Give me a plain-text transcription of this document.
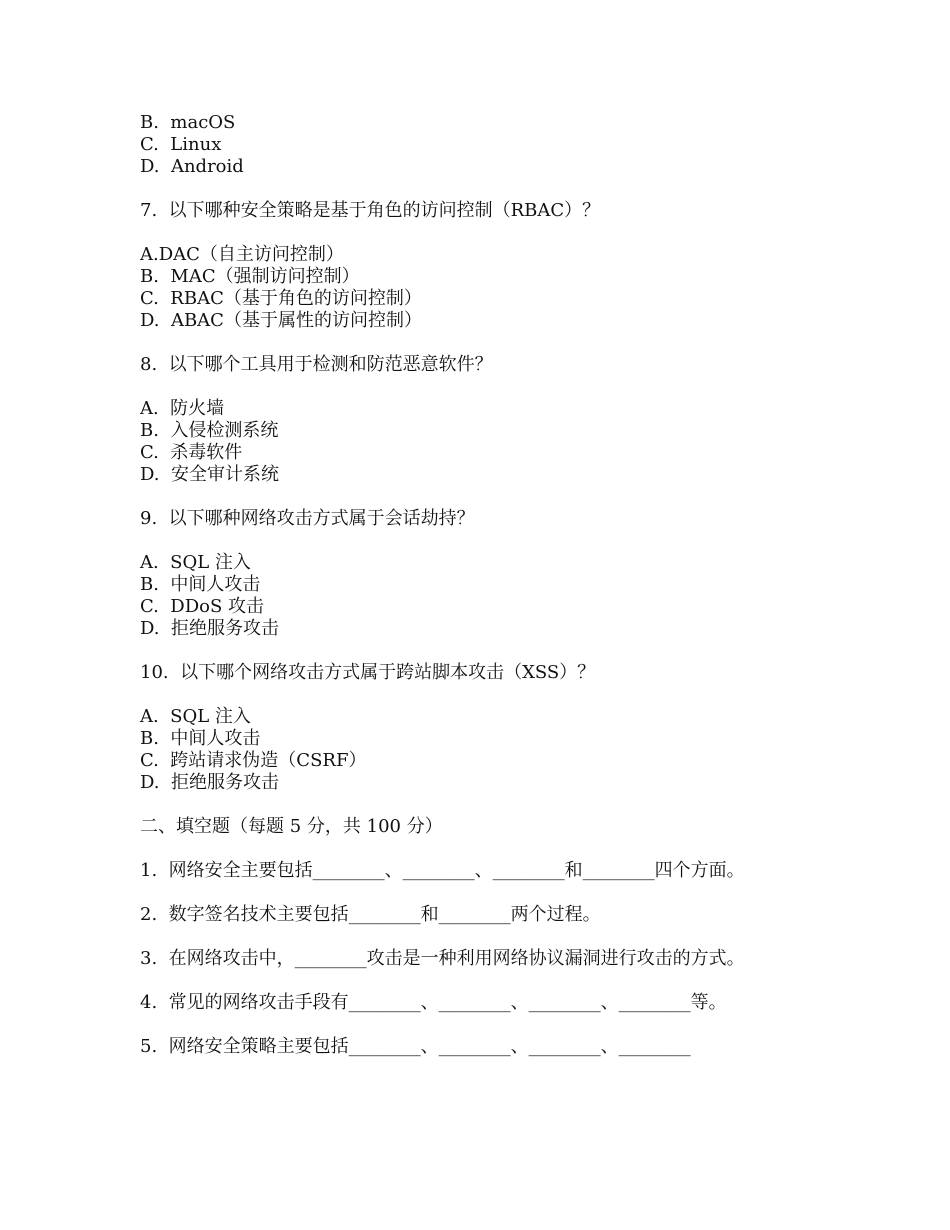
B.  macOS
C.  Linux
D.  Android
7.  以下哪种安全策略是基于角色的访问控制（RBAC）？
A.DAC（自主访问控制）
B.  MAC（强制访问控制）
C.  RBAC（基于角色的访问控制）
D.  ABAC（基于属性的访问控制）
8.  以下哪个工具用于检测和防范恶意软件？
A.  防火墙
B.  入侵检测系统
C.  杀毒软件
D.  安全审计系统
9.  以下哪种网络攻击方式属于会话劫持？
A.  SQL 注入
B.  中间人攻击
C.  DDoS 攻击
D.  拒绝服务攻击
10.  以下哪个网络攻击方式属于跨站脚本攻击（XSS）？
A.  SQL 注入
B.  中间人攻击
C.  跨站请求伪造（CSRF）
D.  拒绝服务攻击
二、填空题（每题 5 分，共 100 分）
1.  网络安全主要包括________、________、________和________四个方面。
2.  数字签名技术主要包括________和________两个过程。
3.  在网络攻击中，________攻击是一种利用网络协议漏洞进行攻击的方式。
4.  常见的网络攻击手段有________、________、________、________等。
5.  网络安全策略主要包括________、________、________、________
